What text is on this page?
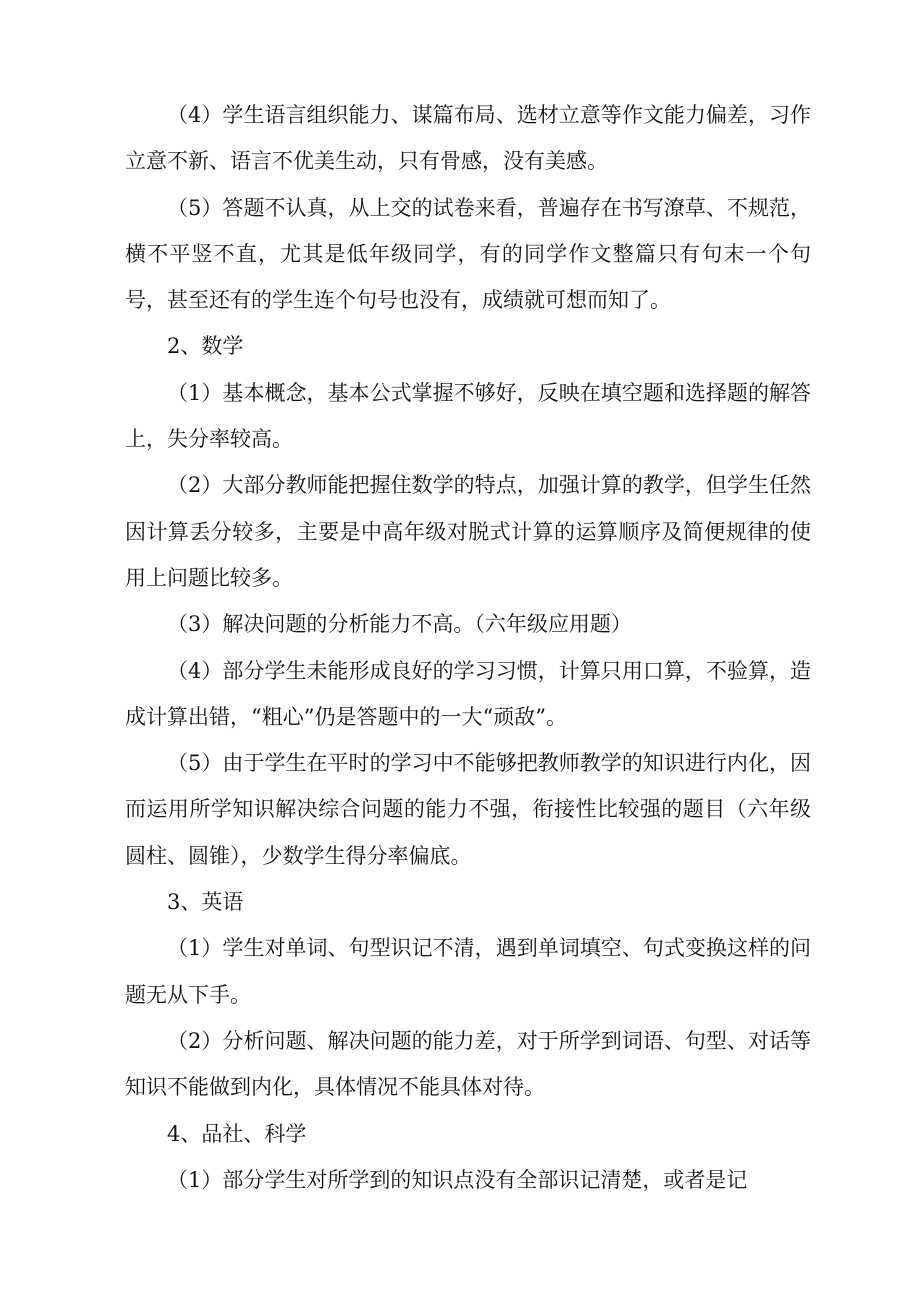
（4）学生语言组织能力、谋篇布局、选材立意等作文能力偏差，习作立意不新、语言不优美生动，只有骨感，没有美感。

（5）答题不认真，从上交的试卷来看，普遍存在书写潦草、不规范，横不平竖不直，尤其是低年级同学，有的同学作文整篇只有句末一个句号，甚至还有的学生连个句号也没有，成绩就可想而知了。

2、数学

（1）基本概念，基本公式掌握不够好，反映在填空题和选择题的解答上，失分率较高。

（2）大部分教师能把握住数学的特点，加强计算的教学，但学生任然因计算丢分较多，主要是中高年级对脱式计算的运算顺序及简便规律的使用上问题比较多。

（3）解决问题的分析能力不高。（六年级应用题）

（4）部分学生未能形成良好的学习习惯，计算只用口算，不验算，造成计算出错，“粗心”仍是答题中的一大“顽敌”。

（5）由于学生在平时的学习中不能够把教师教学的知识进行内化，因而运用所学知识解决综合问题的能力不强，衔接性比较强的题目（六年级圆柱、圆锥），少数学生得分率偏底。

3、英语

（1）学生对单词、句型识记不清，遇到单词填空、句式变换这样的问题无从下手。

（2）分析问题、解决问题的能力差，对于所学到词语、句型、对话等知识不能做到内化，具体情况不能具体对待。

4、品社、科学

（1）部分学生对所学到的知识点没有全部识记清楚，或者是记
